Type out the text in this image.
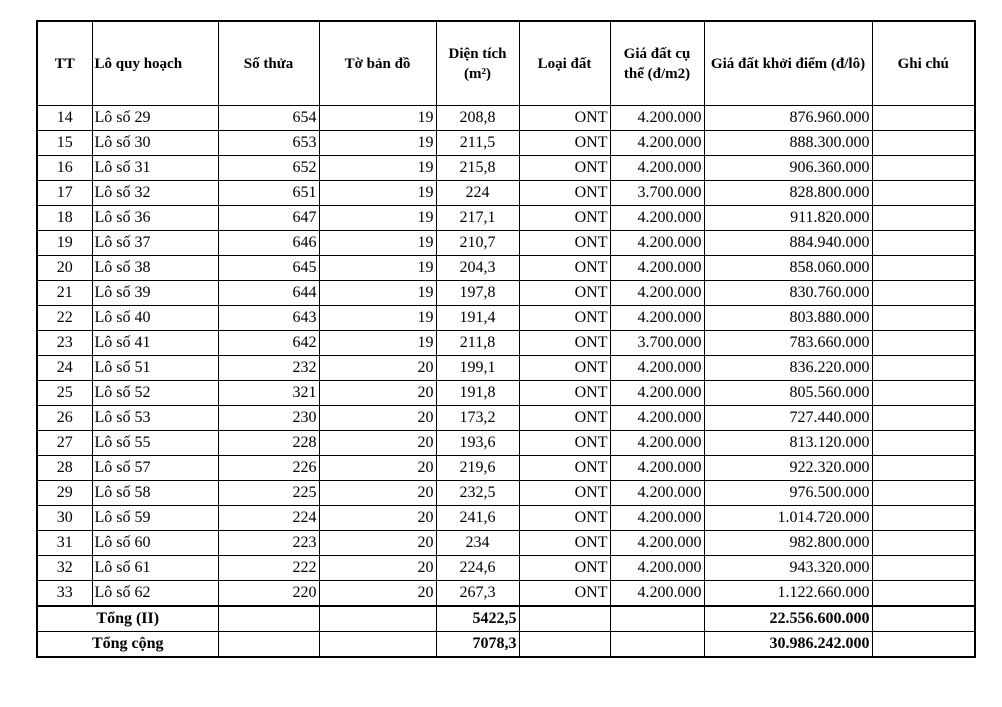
TT	Lô quy hoạch	Số thửa	Tờ bản đồ	Diện tích (m²)	Loại đất	Giá đất cụ thể (đ/m2)	Giá đất khởi điểm (đ/lô)	Ghi chú
14	Lô số 29	654	19	208,8	ONT	4.200.000	876.960.000	
15	Lô số 30	653	19	211,5	ONT	4.200.000	888.300.000	
16	Lô số 31	652	19	215,8	ONT	4.200.000	906.360.000	
17	Lô số 32	651	19	224	ONT	3.700.000	828.800.000	
18	Lô số 36	647	19	217,1	ONT	4.200.000	911.820.000	
19	Lô số 37	646	19	210,7	ONT	4.200.000	884.940.000	
20	Lô số 38	645	19	204,3	ONT	4.200.000	858.060.000	
21	Lô số 39	644	19	197,8	ONT	4.200.000	830.760.000	
22	Lô số 40	643	19	191,4	ONT	4.200.000	803.880.000	
23	Lô số 41	642	19	211,8	ONT	3.700.000	783.660.000	
24	Lô số 51	232	20	199,1	ONT	4.200.000	836.220.000	
25	Lô số 52	321	20	191,8	ONT	4.200.000	805.560.000	
26	Lô số 53	230	20	173,2	ONT	4.200.000	727.440.000	
27	Lô số 55	228	20	193,6	ONT	4.200.000	813.120.000	
28	Lô số 57	226	20	219,6	ONT	4.200.000	922.320.000	
29	Lô số 58	225	20	232,5	ONT	4.200.000	976.500.000	
30	Lô số 59	224	20	241,6	ONT	4.200.000	1.014.720.000	
31	Lô số 60	223	20	234	ONT	4.200.000	982.800.000	
32	Lô số 61	222	20	224,6	ONT	4.200.000	943.320.000	
33	Lô số 62	220	20	267,3	ONT	4.200.000	1.122.660.000	
Tổng (II)				5422,5			22.556.600.000	
Tổng cộng				7078,3			30.986.242.000	
